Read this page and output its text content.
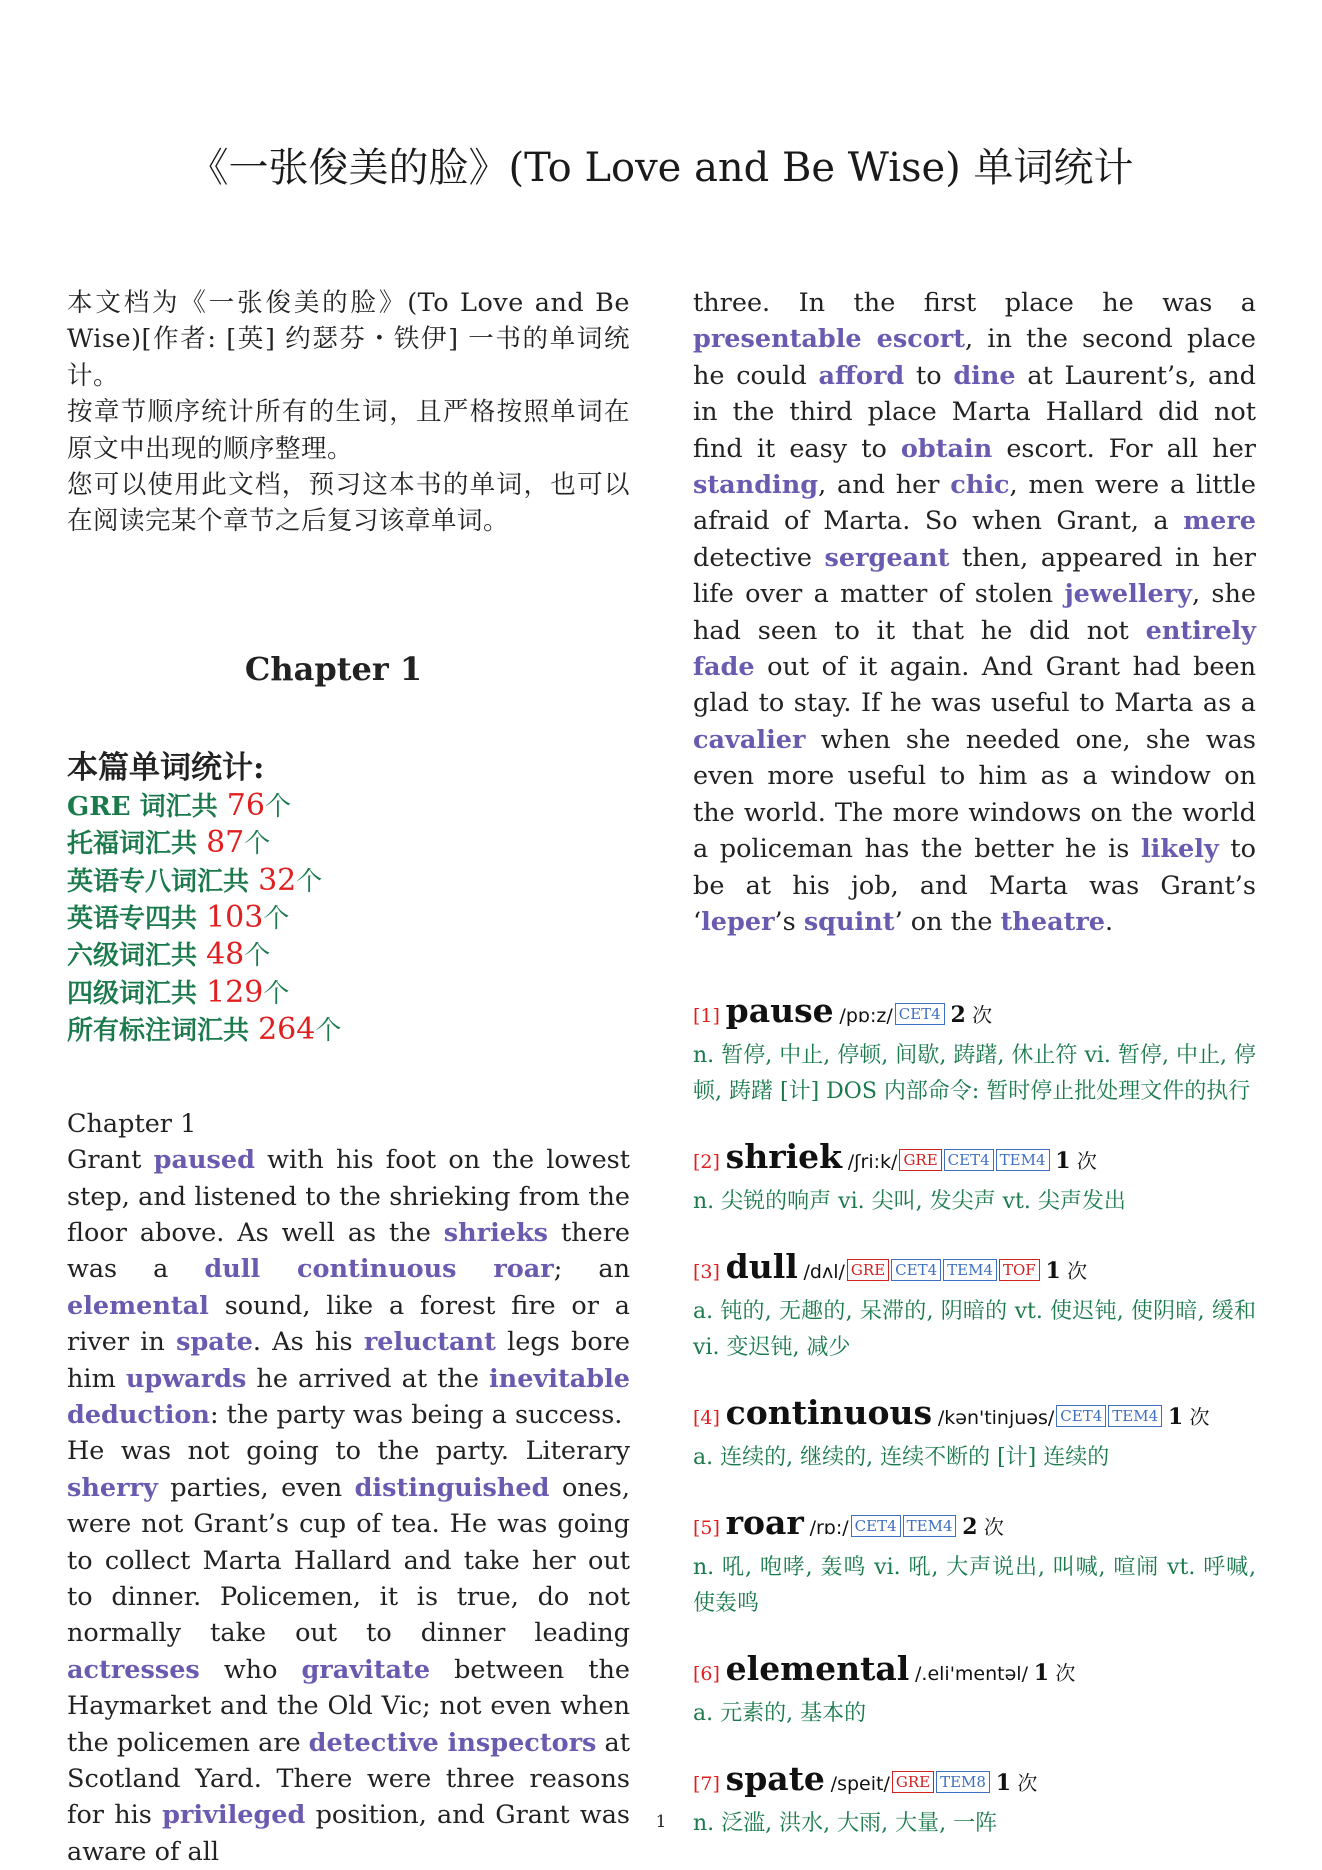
《一张俊美的脸》(To Love and Be Wise) 单词统计

本文档为《一张俊美的脸》(To Love and Be Wise)[作者: [英] 约瑟芬・铁伊] 一书的单词统计。

按章节顺序统计所有的生词，且严格按照单词在原文中出现的顺序整理。

您可以使用此文档，预习这本书的单词，也可以在阅读完某个章节之后复习该章单词。

Chapter 1
本篇单词统计:
GRE 词汇共 76个
托福词汇共 87个
英语专八词汇共 32个
英语专四共 103个
六级词汇共 48个
四级词汇共 129个
所有标注词汇共 264个

Chapter 1

Grant paused with his foot on the lowest step, and listened to the shrieking from the floor above. As well as the shrieks there was a dull continuous roar; an elemental sound, like a forest fire or a river in spate. As his reluctant legs bore him upwards he arrived at the inevitable deduction: the party was being a success.

He was not going to the party. Literary sherry parties, even distinguished ones, were not Grant’s cup of tea. He was going to collect Marta Hallard and take her out to dinner. Policemen, it is true, do not normally take out to dinner leading actresses who gravitate between the Haymarket and the Old Vic; not even when the policemen are detective inspectors at Scotland Yard. There were three reasons for his privileged position, and Grant was aware of all

three. In the first place he was a presentable escort, in the second place he could afford to dine at Laurent’s, and in the third place Marta Hallard did not find it easy to obtain escort. For all her standing, and her chic, men were a little afraid of Marta. So when Grant, a mere detective sergeant then, appeared in her life over a matter of stolen jewellery, she had seen to it that he did not entirely fade out of it again. And Grant had been glad to stay. If he was useful to Marta as a cavalier when she needed one, she was even more useful to him as a window on the world. The more windows on the world a policeman has the better he is likely to be at his job, and Marta was Grant’s ‘leper’s squint’ on the theatre.

[1] pause /pɒ:z/ CET4 2 次
n. 暂停, 中止, 停顿, 间歇, 踌躇, 休止符 vi. 暂停, 中止, 停顿, 踌躇 [计] DOS 内部命令: 暂时停止批处理文件的执行
[2] shriek /ʃri:k/ GRE CET4 TEM4 1 次
n. 尖锐的响声 vi. 尖叫, 发尖声 vt. 尖声发出
[3] dull /dʌl/ GRE CET4 TEM4 TOF 1 次
a. 钝的, 无趣的, 呆滞的, 阴暗的 vt. 使迟钝, 使阴暗, 缓和 vi. 变迟钝, 减少
[4] continuous /kən'tinjuəs/ CET4 TEM4 1 次
a. 连续的, 继续的, 连续不断的 [计] 连续的
[5] roar /rɒ:/ CET4 TEM4 2 次
n. 吼, 咆哮, 轰鸣 vi. 吼, 大声说出, 叫喊, 喧闹 vt. 呼喊, 使轰鸣
[6] elemental /.eli'mentəl/ 1 次
a. 元素的, 基本的
[7] spate /speit/ GRE TEM8 1 次
n. 泛滥, 洪水, 大雨, 大量, 一阵
1
